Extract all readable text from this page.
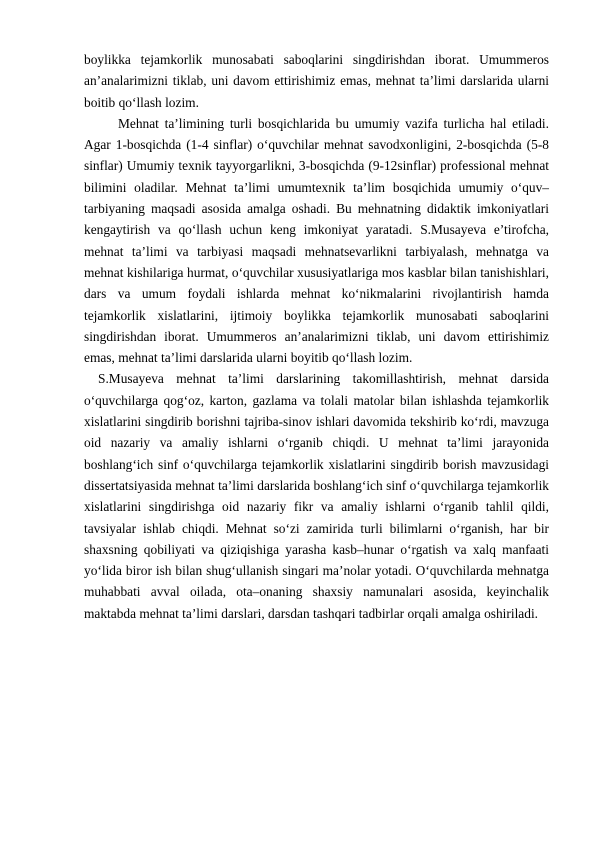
boylikka tejamkorlik munosabati saboqlarini singdirishdan iborat. Umummeros an’analarimizni tiklab, uni davom ettirishimiz emas, mehnat ta’limi darslarida ularni boitib qo‘llash lozim.

Mehnat ta’limining turli bosqichlarida bu umumiy vazifa turlicha hal etiladi. Agar 1-bosqichda (1-4 sinflar) o‘quvchilar mehnat savodxonligini, 2-bosqichda (5-8 sinflar) Umumiy texnik tayyorgarlikni, 3-bosqichda (9-12sinflar) professional mehnat bilimini oladilar. Mehnat ta’limi umumtexnik ta’lim bosqichida umumiy o‘quv–tarbiyaning maqsadi asosida amalga oshadi. Bu mehnatning didaktik imkoniyatlari kengaytirish va qo‘llash uchun keng imkoniyat yaratadi. S.Musayeva e’tirofcha, mehnat ta’limi va tarbiyasi maqsadi mehnatsevarlikni tarbiyalash, mehnatga va mehnat kishilariga hurmat, o‘quvchilar xususiyatlariga mos kasblar bilan tanishishlari, dars va umum foydali ishlarda mehnat ko‘nikmalarini rivojlantirish hamda tejamkorlik xislatlarini, ijtimoiy boylikka tejamkorlik munosabati saboqlarini singdirishdan iborat. Umummeros an’analarimizni tiklab, uni davom ettirishimiz emas, mehnat ta’limi darslarida ularni boyitib qo‘llash lozim.

S.Musayeva mehnat ta’limi darslarining takomillashtirish, mehnat darsida o‘quvchilarga qog‘oz, karton, gazlama va tolali matolar bilan ishlashda tejamkorlik xislatlarini singdirib borishni tajriba-sinov ishlari davomida tekshirib ko‘rdi, mavzuga oid nazariy va amaliy ishlarni o‘rganib chiqdi. U mehnat ta’limi jarayonida boshlang‘ich sinf o‘quvchilarga tejamkorlik xislatlarini singdirib borish mavzusidagi dissertatsiyasida mehnat ta’limi darslarida boshlang‘ich sinf o‘quvchilarga tejamkorlik xislatlarini singdirishga oid nazariy fikr va amaliy ishlarni o‘rganib tahlil qildi, tavsiyalar ishlab chiqdi. Mehnat so‘zi zamirida turli bilimlarni o‘rganish, har bir shaxsning qobiliyati va qiziqishiga yarasha kasb–hunar o‘rgatish va xalq manfaati yo‘lida biror ish bilan shug‘ullanish singari ma’nolar yotadi. O‘quvchilarda mehnatga muhabbati avval oilada, ota–onaning shaxsiy namunalari asosida, keyinchalik maktabda mehnat ta’limi darslari, darsdan tashqari tadbirlar orqali amalga oshiriladi.
